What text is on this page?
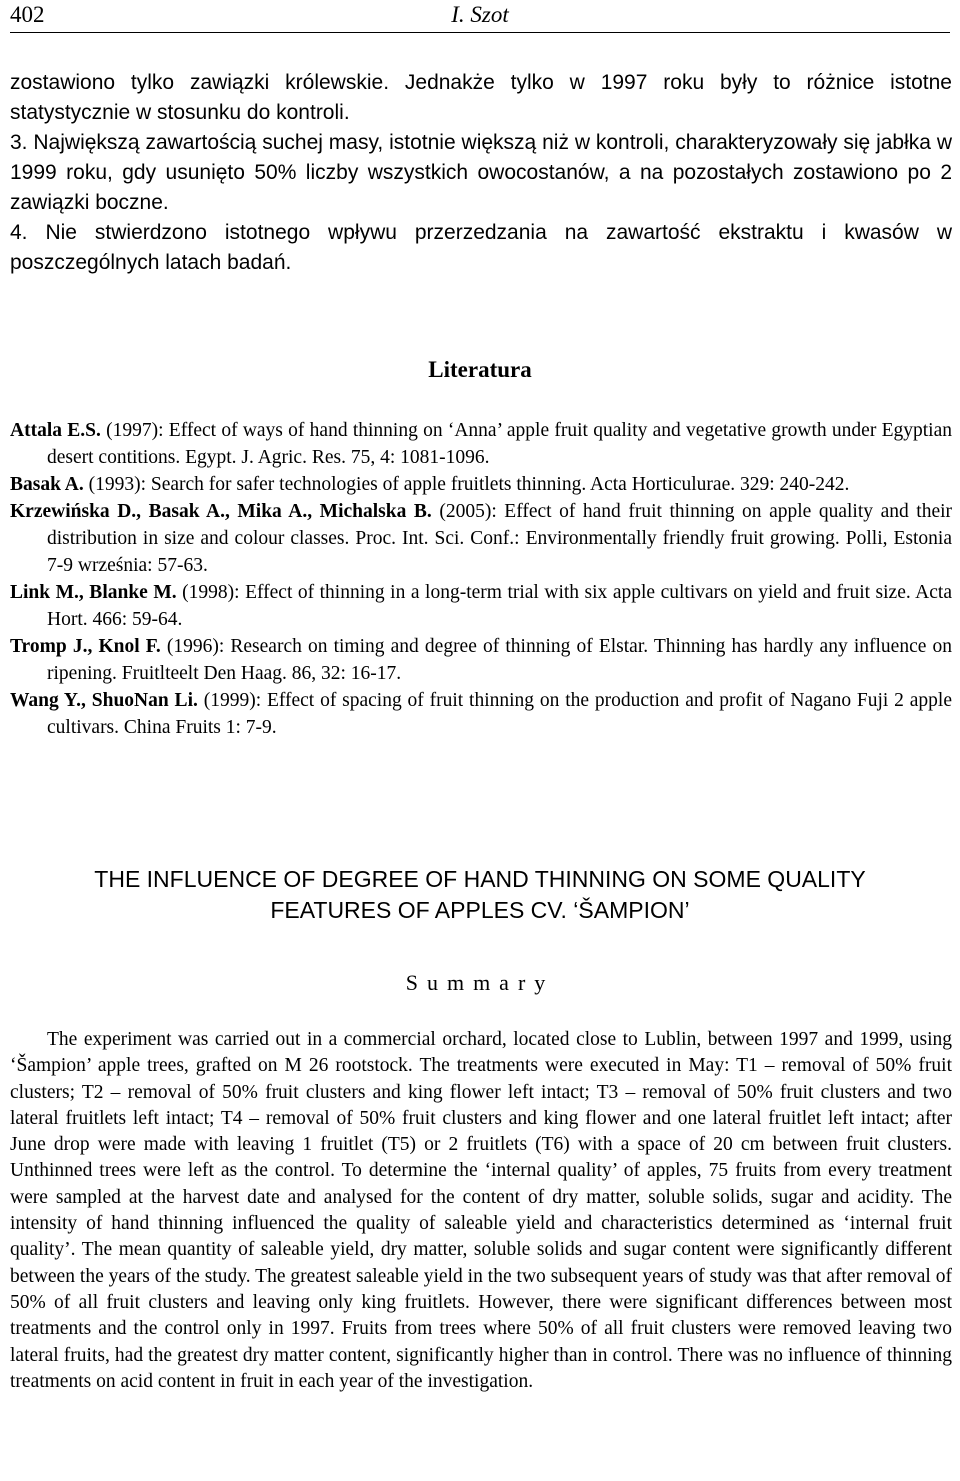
402	I. Szot

zostawiono tylko zawiązki królewskie. Jednakże tylko w 1997 roku były to różnice istotne statystycznie w stosunku do kontroli.

3. Największą zawartością suchej masy, istotnie większą niż w kontroli, charakteryzowały się jabłka w 1999 roku, gdy usunięto 50% liczby wszystkich owocostanów, a na pozostałych zostawiono po 2 zawiązki boczne.

4. Nie stwierdzono istotnego wpływu przerzedzania na zawartość ekstraktu i kwasów w poszczególnych latach badań.

Literatura

Attala E.S. (1997): Effect of ways of hand thinning on ‘Anna’ apple fruit quality and vegetative growth under Egyptian desert contitions. Egypt. J. Agric. Res. 75, 4: 1081-1096.

Basak A. (1993): Search for safer technologies of apple fruitlets thinning. Acta Horticulurae. 329: 240-242.

Krzewińska D., Basak A., Mika A., Michalska B. (2005): Effect of hand fruit thinning on apple quality and their distribution in size and colour classes. Proc. Int. Sci. Conf.: Environmentally friendly fruit growing. Polli, Estonia 7-9 września: 57-63.

Link M., Blanke M. (1998): Effect of thinning in a long-term trial with six apple cultivars on yield and fruit size. Acta Hort. 466: 59-64.

Tromp J., Knol F. (1996): Research on timing and degree of thinning of Elstar. Thinning has hardly any influence on ripening. Fruitlteelt Den Haag. 86, 32: 16-17.

Wang Y., ShuoNan Li. (1999): Effect of spacing of fruit thinning on the production and profit of Nagano Fuji 2 apple cultivars. China Fruits 1: 7-9.

THE INFLUENCE OF DEGREE OF HAND THINNING ON SOME QUALITY
FEATURES OF APPLES CV. ‘ŠAMPION’
Summary

The experiment was carried out in a commercial orchard, located close to Lublin, between 1997 and 1999, using ‘Šampion’ apple trees, grafted on M 26 rootstock. The treatments were executed in May: T1 – removal of 50% fruit clusters; T2 – removal of 50% fruit clusters and king flower left intact; T3 – removal of 50% fruit clusters and two lateral fruitlets left intact; T4 – removal of 50% fruit clusters and king flower and one lateral fruitlet left intact; after June drop were made with leaving 1 fruitlet (T5) or 2 fruitlets (T6) with a space of 20 cm between fruit clusters. Unthinned trees were left as the control. To determine the ‘internal quality’ of apples, 75 fruits from every treatment were sampled at the harvest date and analysed for the content of dry matter, soluble solids, sugar and acidity. The intensity of hand thinning influenced the quality of saleable yield and characteristics determined as ‘internal fruit quality’. The mean quantity of saleable yield, dry matter, soluble solids and sugar content were significantly different between the years of the study. The greatest saleable yield in the two subsequent years of study was that after removal of 50% of all fruit clusters and leaving only king fruitlets. However, there were significant differences between most treatments and the control only in 1997. Fruits from trees where 50% of all fruit clusters were removed leaving two lateral fruits, had the greatest dry matter content, significantly higher than in control. There was no influence of thinning treatments on acid content in fruit in each year of the investigation.
